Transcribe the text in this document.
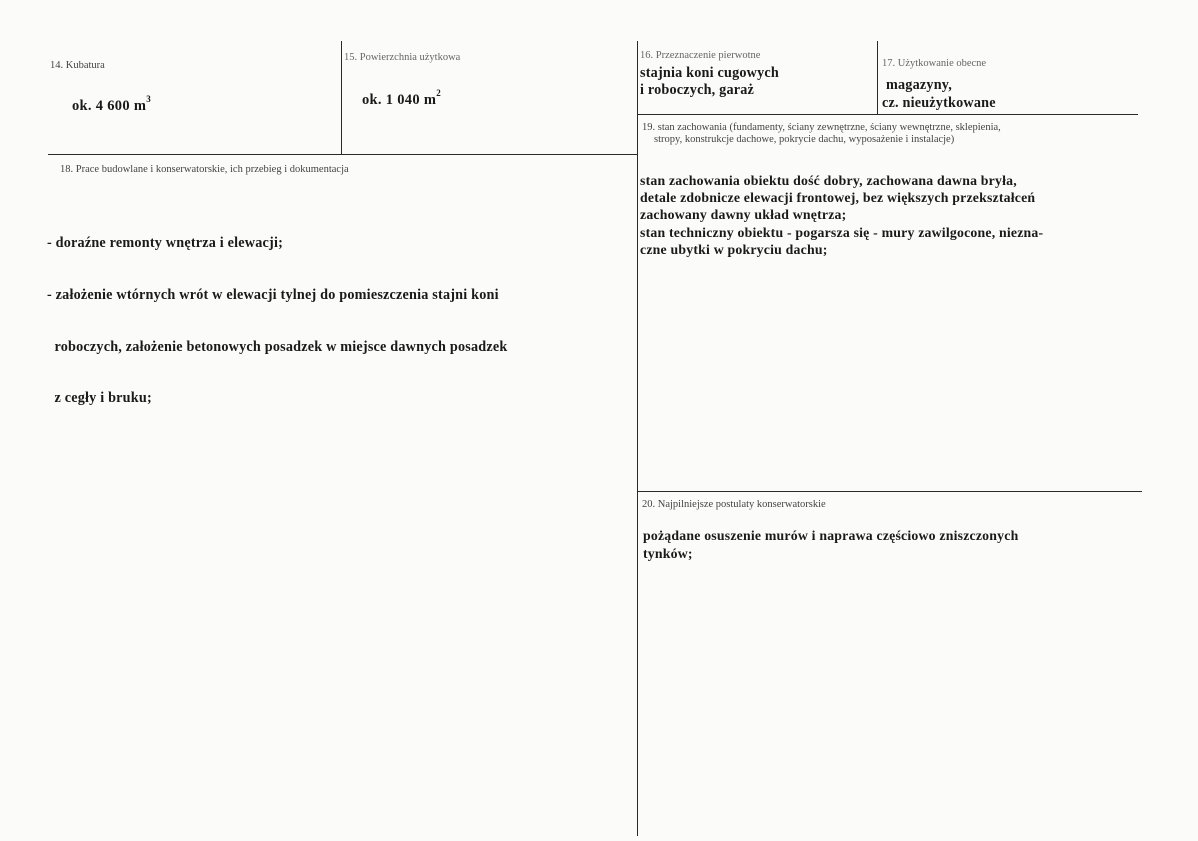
14. Kubatura
ok. 4 600 $m^3$
15. Powierzchnia użytkowa
ok. 1 040 $m^2$
16. Przeznaczenie pierwotne
stajnia koni cugowych
i roboczych, garaż
17. Użytkowanie obecne
magazyny,
cz. nieużytkowane
18. Prace budowlane i konserwatorskie, ich przebieg i dokumentacja

- doraźne remonty wnętrza i elewacji;

- założenie wtórnych wrót w elewacji tylnej do pomieszczenia stajni koni

roboczych, założenie betonowych posadzek w miejsce dawnych posadzek

z cegły i bruku;

19. stan zachowania (fundamenty, ściany zewnętrzne, ściany wewnętrzne, sklepienia,
stropy, konstrukcje dachowe, pokrycie dachu, wyposażenie i instalacje)
stan zachowania obiektu dość dobry, zachowana dawna bryła,
detale zdobnicze elewacji frontowej, bez większych przekształceń
zachowany dawny układ wnętrza;
stan techniczny obiektu - pogarsza się - mury zawilgocone, niezna-
czne ubytki w pokryciu dachu;
20. Najpilniejsze postulaty konserwatorskie
pożądane osuszenie murów i naprawa częściowo zniszczonych
tynków;
